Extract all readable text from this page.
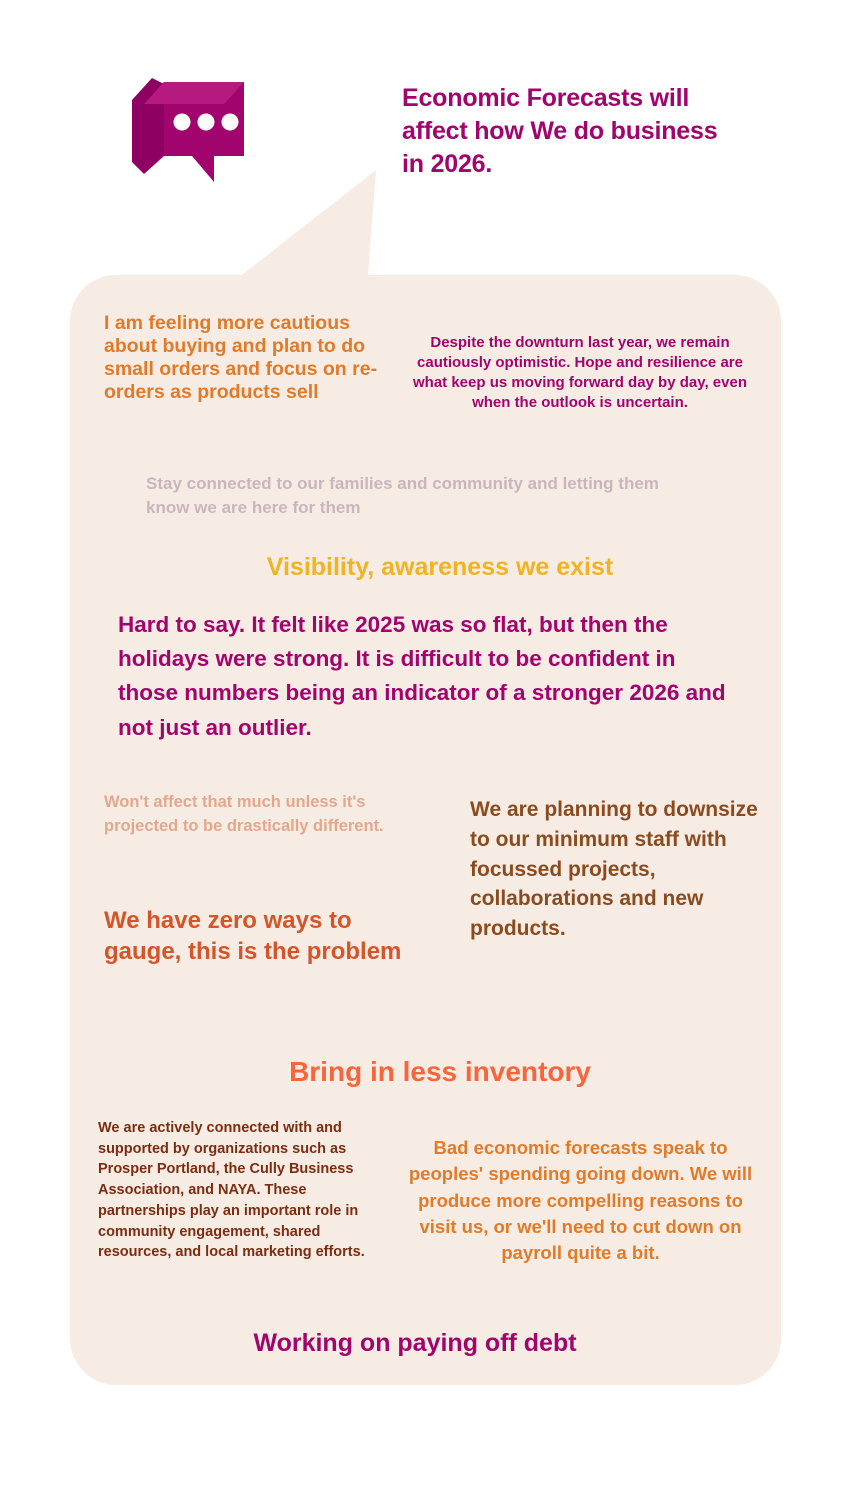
Economic Forecasts will affect how We do business in 2026.
I am feeling more cautious about buying and plan to do small orders and focus on re-orders as products sell
Despite the downturn last year, we remain cautiously optimistic. Hope and resilience are what keep us moving forward day by day, even when the outlook is uncertain.
Stay connected to our families and community and letting them know we are here for them
Visibility, awareness we exist
Hard to say. It felt like 2025 was so flat, but then the holidays were strong. It is difficult to be confident in those numbers being an indicator of a stronger 2026 and not just an outlier.
Won't affect that much unless it's projected to be drastically different.
We are planning to downsize to our minimum staff with focussed projects, collaborations and new products.
We have zero ways to gauge, this is the problem
Bring in less inventory
We are actively connected with and supported by organizations such as Prosper Portland, the Cully Business Association, and NAYA. These partnerships play an important role in community engagement, shared resources, and local marketing efforts.
Bad economic forecasts speak to peoples' spending going down. We will produce more compelling reasons to visit us, or we'll need to cut down on payroll quite a bit.
Working on paying off debt
